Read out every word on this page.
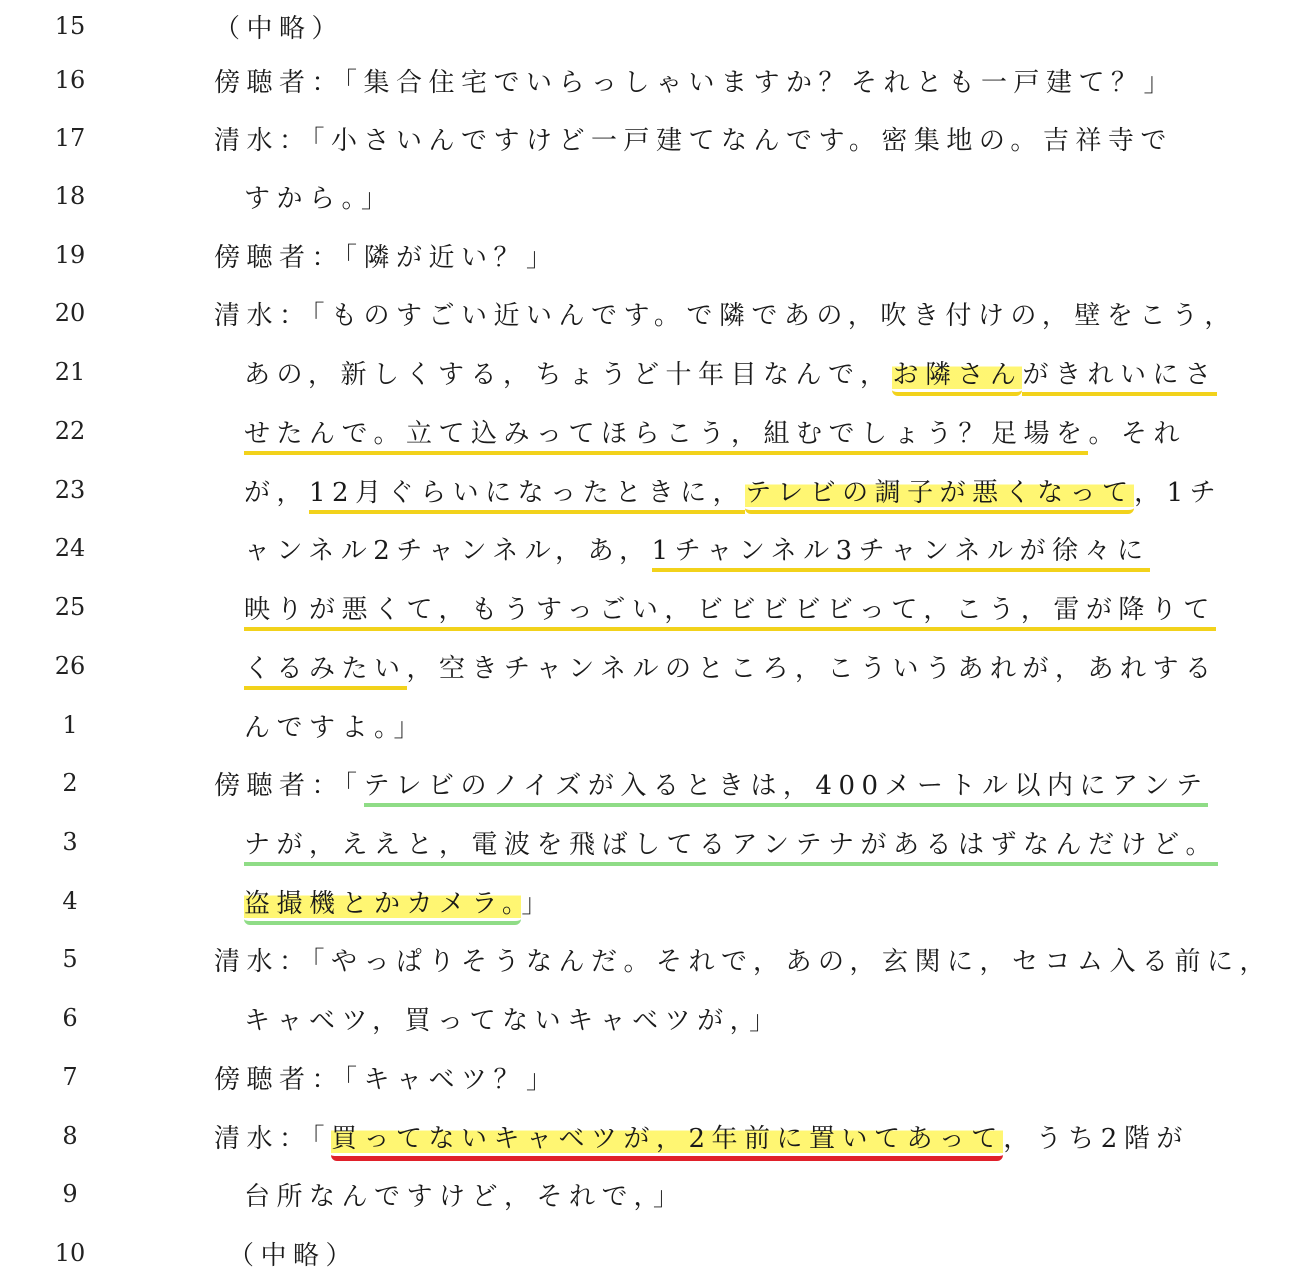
15	（中略）
16	傍聴者：「集合住宅でいらっしゃいますか？それとも一戸建て？」
17	清水：「小さいんですけど一戸建てなんです。密集地の。吉祥寺で
18	すから。」
19	傍聴者：「隣が近い？」
20	清水：「ものすごい近いんです。で隣であの，吹き付けの，壁をこう，
21	あの，新しくする，ちょうど十年目なんで，お隣さんがきれいにさ
22	せたんで。立て込みってほらこう，組むでしょう？足場を。それ
23	が，12月ぐらいになったときに，テレビの調子が悪くなって，1チ
24	ャンネル2チャンネル，あ，1チャンネル3チャンネルが徐々に
25	映りが悪くて，もうすっごい，ビビビビビって，こう，雷が降りて
26	くるみたい，空きチャンネルのところ，こういうあれが，あれする
1	んですよ。」
2	傍聴者：「テレビのノイズが入るときは，400メートル以内にアンテ
3	ナが，ええと，電波を飛ばしてるアンテナがあるはずなんだけど。
4	盗撮機とかカメラ。」
5	清水：「やっぱりそうなんだ。それで，あの，玄関に，セコム入る前に，
6	キャベツ，買ってないキャベツが，」
7	傍聴者：「キャベツ？」
8	清水：「買ってないキャベツが，2年前に置いてあって，うち2階が
9	台所なんですけど，それで，」
10	（中略）
